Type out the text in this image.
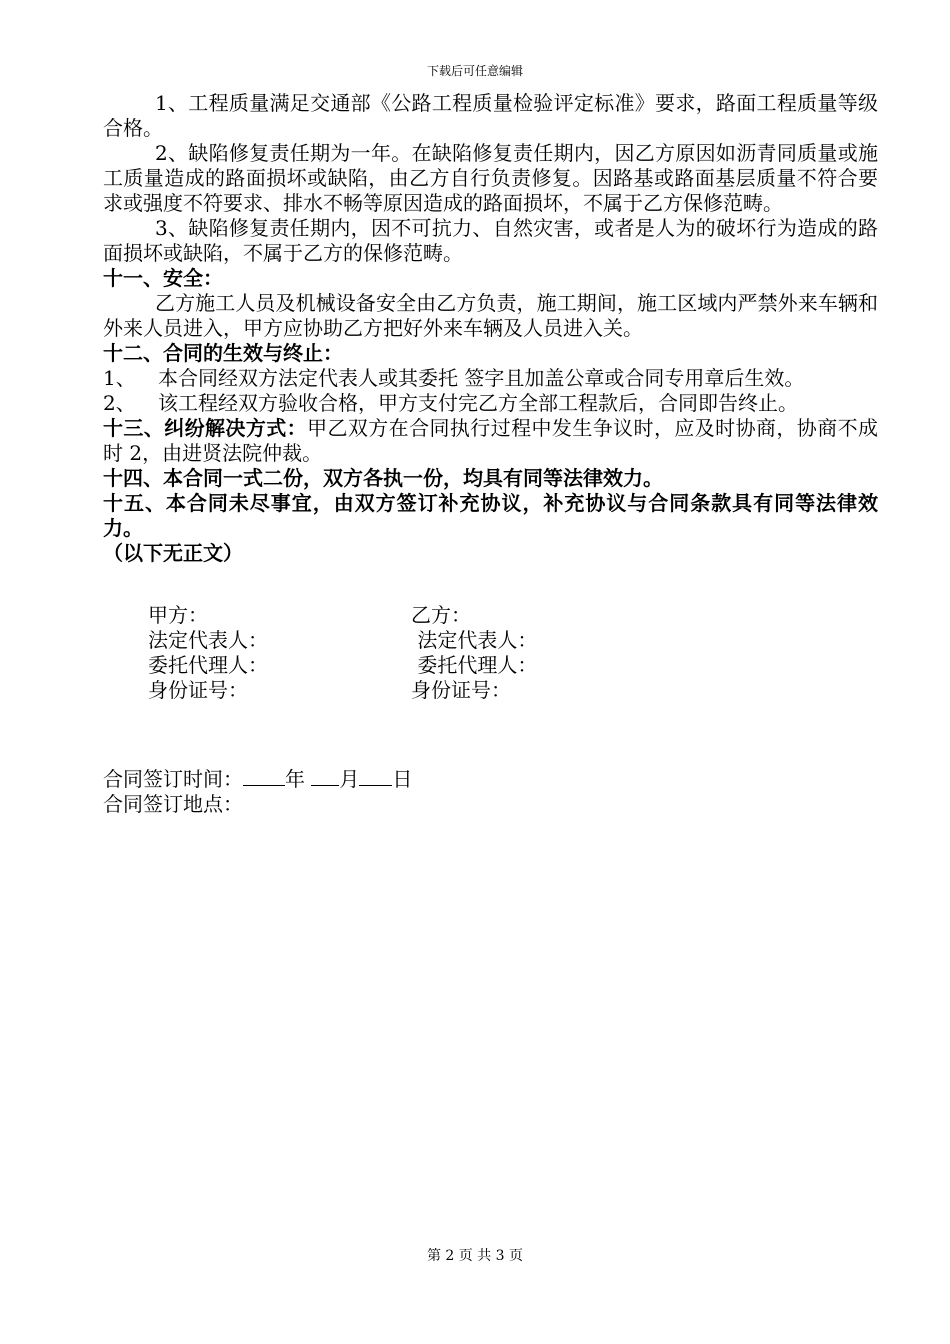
下载后可任意编辑

1、工程质量满足交通部《公路工程质量检验评定标准》要求，路面工程质量等级合格。

2、缺陷修复责任期为一年。在缺陷修复责任期内，因乙方原因如沥青同质量或施工质量造成的路面损坏或缺陷，由乙方自行负责修复。因路基或路面基层质量不符合要求或强度不符要求、排水不畅等原因造成的路面损坏，不属于乙方保修范畴。

3、缺陷修复责任期内，因不可抗力、自然灾害，或者是人为的破坏行为造成的路面损坏或缺陷，不属于乙方的保修范畴。

十一、安全：

乙方施工人员及机械设备安全由乙方负责，施工期间，施工区域内严禁外来车辆和外来人员进入，甲方应协助乙方把好外来车辆及人员进入关。

十二、合同的生效与终止：

1、	本合同经双方法定代表人或其委托 签字且加盖公章或合同专用章后生效。
2、	该工程经双方验收合格，甲方支付完乙方全部工程款后，合同即告终止。

十三、纠纷解决方式：甲乙双方在合同执行过程中发生争议时，应及时协商，协商不成时 2，由进贤法院仲裁。

十四、本合同一式二份，双方各执一份，均具有同等法律效力。

十五、本合同未尽事宜，由双方签订补充协议，补充协议与合同条款具有同等法律效力。

（以下无正文）

甲方：
法定代表人：
委托代理人：
身份证号：
乙方：
法定代表人：
委托代理人：
身份证号：
合同签订时间： 年 月 日
合同签订地点：
第 2 页 共 3 页
